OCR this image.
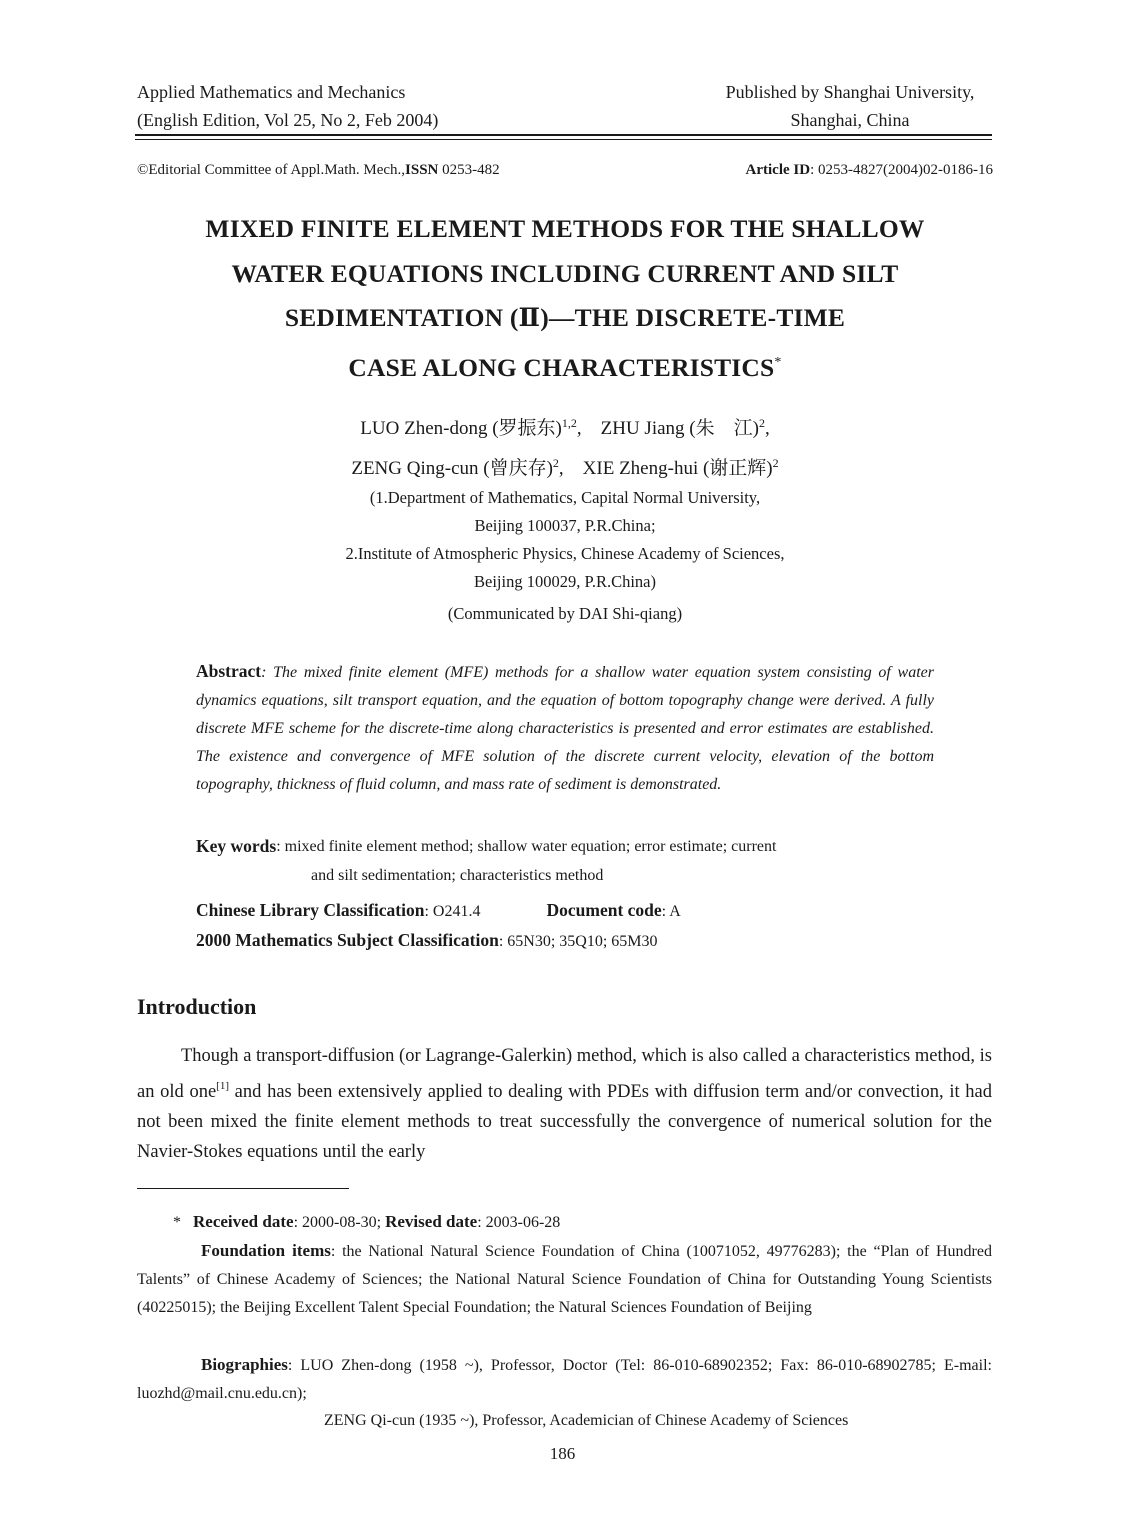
Applied Mathematics and Mechanics
(English Edition, Vol 25, No 2, Feb 2004)
Published by Shanghai University,
Shanghai, China
©Editorial Committee of Appl.Math. Mech.,ISSN 0253-482	Article ID: 0253-4827(2004)02-0186-16
MIXED FINITE ELEMENT METHODS FOR THE SHALLOW
WATER EQUATIONS INCLUDING CURRENT AND SILT
SEDIMENTATION (Ⅱ)—THE DISCRETE-TIME
CASE ALONG CHARACTERISTICS*
LUO Zhen-dong (罗振东)$^{1,2}$,    ZHU Jiang (朱　江)$^2$,
ZENG Qing-cun (曾庆存)$^2$,    XIE Zheng-hui (谢正辉)$^2$
(1.Department of Mathematics, Capital Normal University,
Beijing 100037, P.R.China;
2.Institute of Atmospheric Physics, Chinese Academy of Sciences,
Beijing 100029, P.R.China)
(Communicated by DAI Shi-qiang)
Abstract: The mixed finite element (MFE) methods for a shallow water equation system consisting of water dynamics equations, silt transport equation, and the equation of bottom topography change were derived. A fully discrete MFE scheme for the discrete-time along characteristics is presented and error estimates are established. The existence and convergence of MFE solution of the discrete current velocity, elevation of the bottom topography, thickness of fluid column, and mass rate of sediment is demonstrated.
Key words : mixed finite element method; shallow water equation; error estimate; current
and silt sedimentation; characteristics method
Chinese Library Classification: O241.4	Document code: A
2000 Mathematics Subject Classification: 65N30; 35Q10; 65M30
Introduction
Though a transport-diffusion (or Lagrange-Galerkin) method, which is also called a characteristics method, is an old one[1] and has been extensively applied to dealing with PDEs with diffusion term and/or convection, it had not been mixed the finite element methods to treat successfully the convergence of numerical solution for the Navier-Stokes equations until the early
* Received date: 2000-08-30; Revised date: 2003-06-28
Foundation items: the National Natural Science Foundation of China (10071052, 49776283); the “Plan of Hundred Talents” of Chinese Academy of Sciences; the National Natural Science Foundation of China for Outstanding Young Scientists (40225015); the Beijing Excellent Talent Special Foundation; the Natural Sciences Foundation of Beijing
Biographies: LUO Zhen-dong (1958 ~), Professor, Doctor (Tel: 86-010-68902352; Fax: 86-010-68902785; E-mail: luozhd@mail.cnu.edu.cn);
ZENG Qi-cun (1935 ~), Professor, Academician of Chinese Academy of Sciences
186
